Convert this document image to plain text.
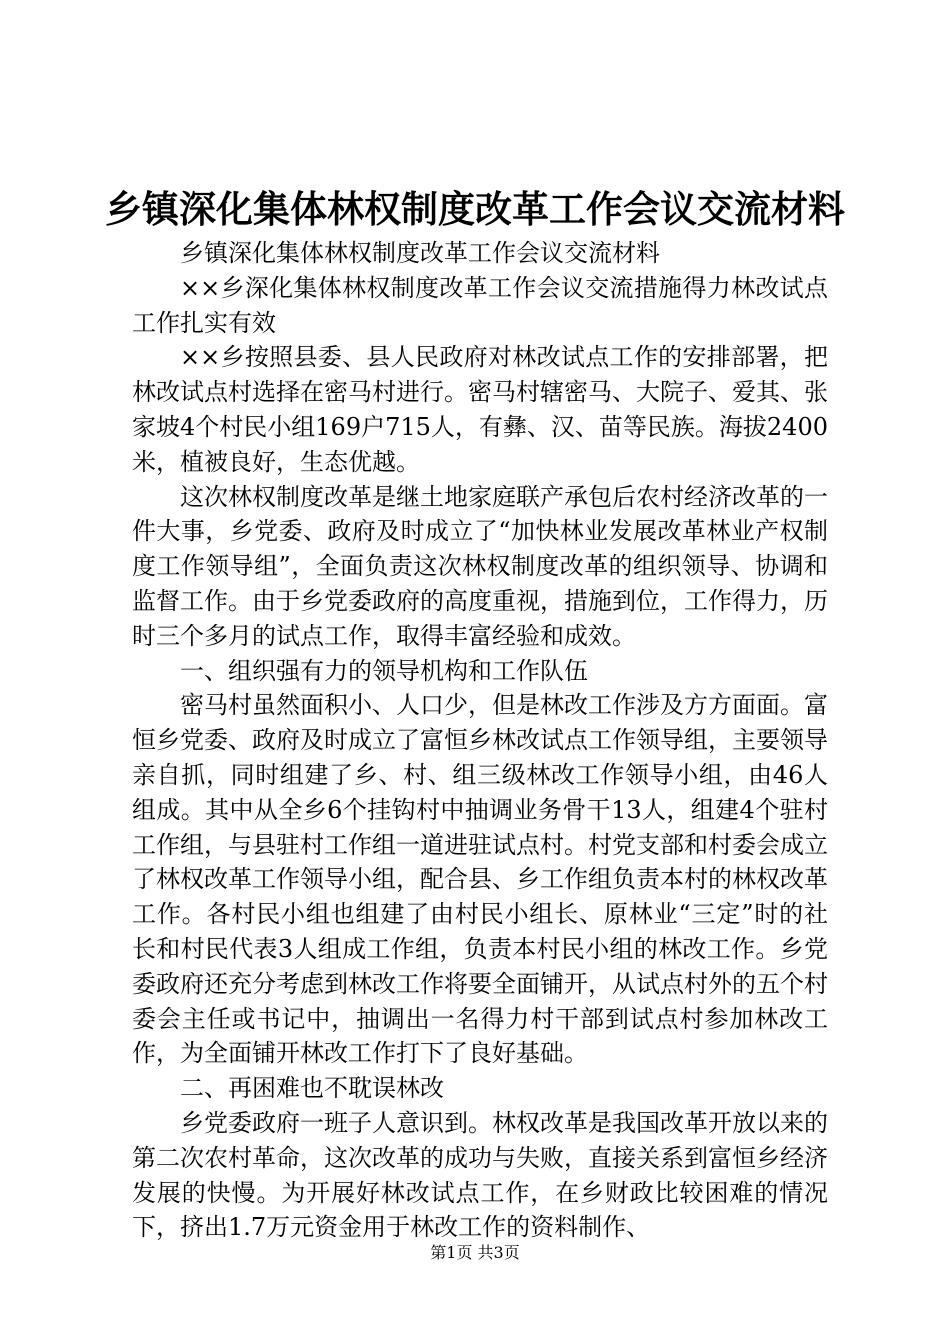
乡镇深化集体林权制度改革工作会议交流材料

乡镇深化集体林权制度改革工作会议交流材料

××乡深化集体林权制度改革工作会议交流措施得力林改试点工作扎实有效

××乡按照县委、县人民政府对林改试点工作的安排部署，把林改试点村选择在密马村进行。密马村辖密马、大院子、爱其、张家坡4个村民小组169户715人，有彝、汉、苗等民族。海拔2400米，植被良好，生态优越。

这次林权制度改革是继土地家庭联产承包后农村经济改革的一件大事，乡党委、政府及时成立了“加快林业发展改革林业产权制度工作领导组”，全面负责这次林权制度改革的组织领导、协调和监督工作。由于乡党委政府的高度重视，措施到位，工作得力，历时三个多月的试点工作，取得丰富经验和成效。

一、组织强有力的领导机构和工作队伍

密马村虽然面积小、人口少，但是林改工作涉及方方面面。富恒乡党委、政府及时成立了富恒乡林改试点工作领导组，主要领导亲自抓，同时组建了乡、村、组三级林改工作领导小组，由46人组成。其中从全乡6个挂钩村中抽调业务骨干13人，组建4个驻村工作组，与县驻村工作组一道进驻试点村。村党支部和村委会成立了林权改革工作领导小组，配合县、乡工作组负责本村的林权改革工作。各村民小组也组建了由村民小组长、原林业“三定”时的社长和村民代表3人组成工作组，负责本村民小组的林改工作。乡党委政府还充分考虑到林改工作将要全面铺开，从试点村外的五个村委会主任或书记中，抽调出一名得力村干部到试点村参加林改工作，为全面铺开林改工作打下了良好基础。

二、再困难也不耽误林改

乡党委政府一班子人意识到。林权改革是我国改革开放以来的第二次农村革命，这次改革的成功与失败，直接关系到富恒乡经济发展的快慢。为开展好林改试点工作，在乡财政比较困难的情况下，挤出1.7万元资金用于林改工作的资料制作、

第1页 共3页
